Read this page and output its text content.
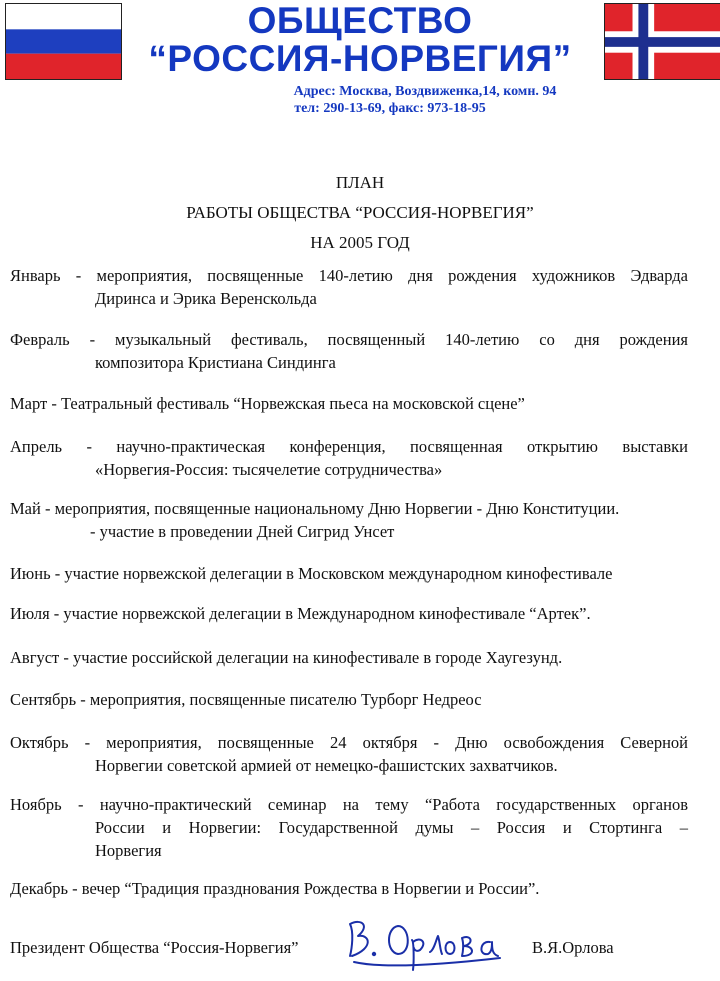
ОБЩЕСТВО
“РОССИЯ-НОРВЕГИЯ”
Адрес: Москва, Воздвиженка,14, комн. 94
тел: 290-13-69, факс: 973-18-95
ПЛАН
РАБОТЫ ОБЩЕСТВА “РОССИЯ-НОРВЕГИЯ”
НА 2005 ГОД
Январь - мероприятия, посвященные 140-летию дня рождения художников Эдварда
Диринса и Эрика Веренскольда
Февраль - музыкальный фестиваль, посвященный 140-летию со дня рождения
композитора Кристиана Синдинга
Март - Театральный фестиваль “Норвежская пьеса на московской сцене”
Апрель - научно-практическая конференция, посвященная открытию выставки
«Норвегия-Россия: тысячелетие сотрудничества»
Май - мероприятия, посвященные национальному Дню Норвегии - Дню Конституции.
- участие в проведении Дней Сигрид Унсет
Июнь - участие норвежской делегации в Московском международном кинофестивале
Июля - участие норвежской делегации в Международном кинофестивале “Артек”.
Август - участие российской делегации на кинофестивале в городе Хаугезунд.
Сентябрь - мероприятия, посвященные писателю Турборг Недреос
Октябрь - мероприятия, посвященные 24 октября - Дню освобождения Северной
Норвегии советской армией от немецко-фашистских захватчиков.
Ноябрь - научно-практический семинар на тему “Работа государственных органов
России и Норвегии: Государственной думы – Россия и Стортинга –
Норвегия
Декабрь - вечер “Традиция празднования Рождества в Норвегии и России”.
Президент Общества “Россия-Норвегия”	В.Я.Орлова
